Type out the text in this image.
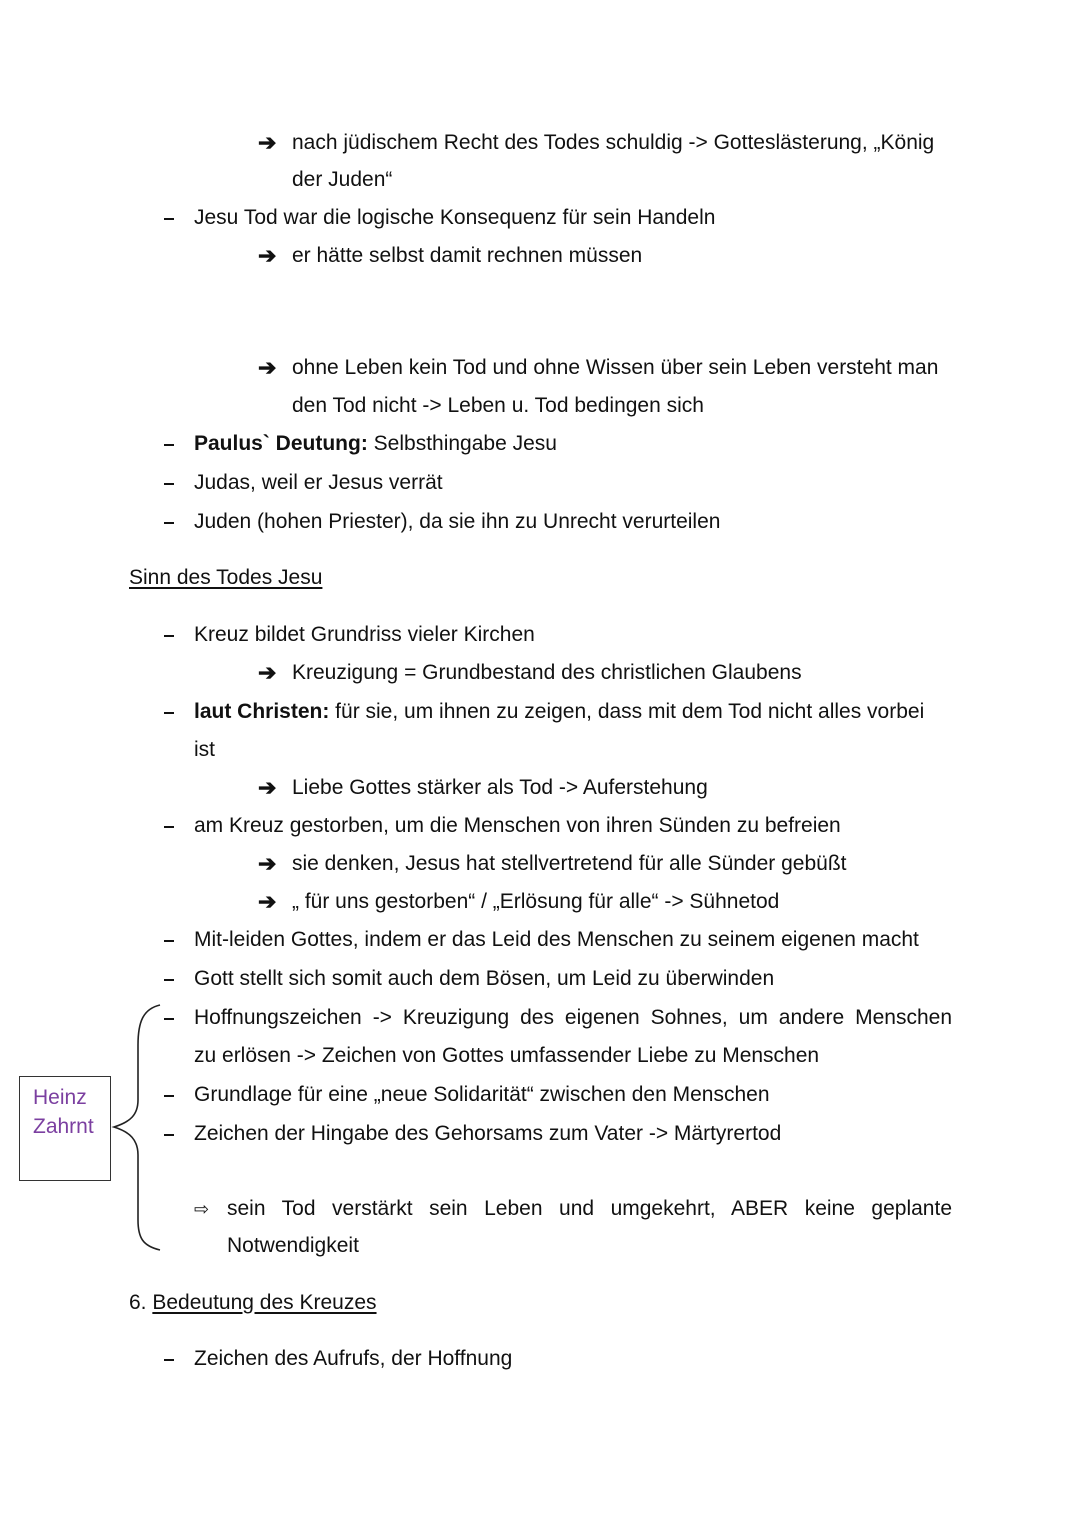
➔ nach jüdischem Recht des Todes schuldig -> Gotteslästerung, „König
der Juden“
Jesu Tod war die logische Konsequenz für sein Handeln
➔ er hätte selbst damit rechnen müssen
➔ ohne Leben kein Tod und ohne Wissen über sein Leben versteht man
den Tod nicht -> Leben u. Tod bedingen sich
Paulus` Deutung: Selbsthingabe Jesu
Judas, weil er Jesus verrät
Juden (hohen Priester), da sie ihn zu Unrecht verurteilen
Sinn des Todes Jesu
Kreuz bildet Grundriss vieler Kirchen
➔ Kreuzigung = Grundbestand des christlichen Glaubens
laut Christen: für sie, um ihnen zu zeigen, dass mit dem Tod nicht alles vorbei
ist
➔ Liebe Gottes stärker als Tod -> Auferstehung
am Kreuz gestorben, um die Menschen von ihren Sünden zu befreien
➔ sie denken, Jesus hat stellvertretend für alle Sünder gebüßt
➔ „ für uns gestorben“ / „Erlösung für alle“ -> Sühnetod
Mit-leiden Gottes, indem er das Leid des Menschen zu seinem eigenen macht
Gott stellt sich somit auch dem Bösen, um Leid zu überwinden
Hoffnungszeichen -> Kreuzigung des eigenen Sohnes, um andere Menschen
zu erlösen -> Zeichen von Gottes umfassender Liebe zu Menschen
Grundlage für eine „neue Solidarität“ zwischen den Menschen
Zeichen der Hingabe des Gehorsams zum Vater -> Märtyrertod
⇨ sein Tod verstärkt sein Leben und umgekehrt, ABER keine geplante
Notwendigkeit
Heinz
Zahrnt
6. Bedeutung des Kreuzes
Zeichen des Aufrufs, der Hoffnung
